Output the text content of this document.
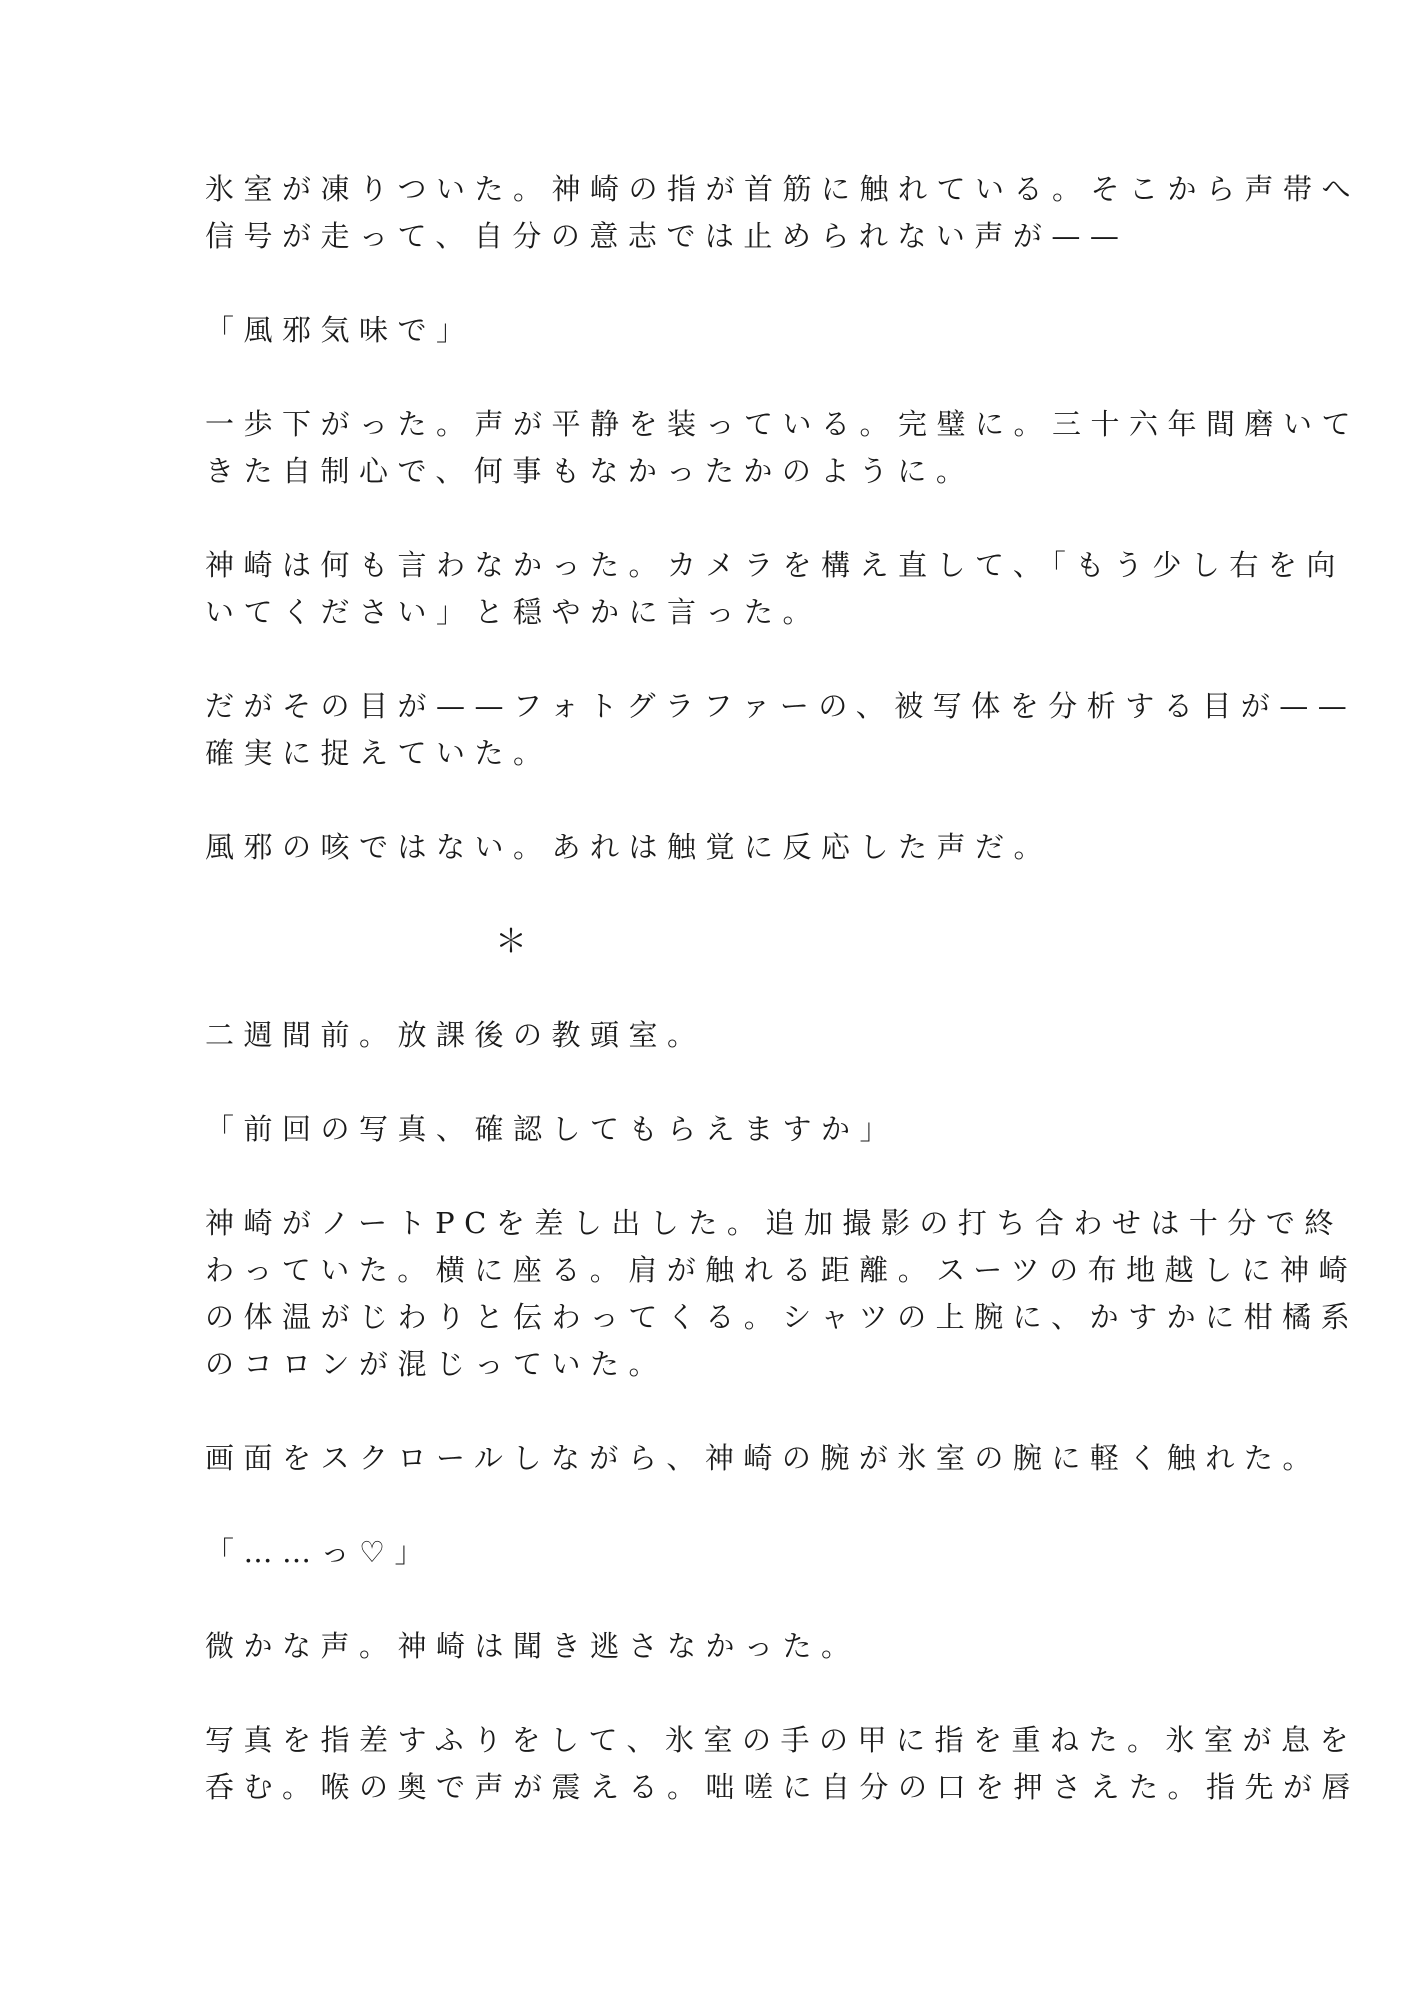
氷室が凍りついた。神崎の指が首筋に触れている。そこから声帯へ
信号が走って、自分の意志では止められない声が——

「風邪気味で」

一歩下がった。声が平静を装っている。完璧に。三十六年間磨いて
きた自制心で、何事もなかったかのように。

神崎は何も言わなかった。カメラを構え直して、「もう少し右を向
いてください」と穏やかに言った。

だがその目が——フォトグラファーの、被写体を分析する目が——
確実に捉えていた。

風邪の咳ではない。あれは触覚に反応した声だ。

＊

二週間前。放課後の教頭室。

「前回の写真、確認してもらえますか」

神崎がノートPCを差し出した。追加撮影の打ち合わせは十分で終
わっていた。横に座る。肩が触れる距離。スーツの布地越しに神崎
の体温がじわりと伝わってくる。シャツの上腕に、かすかに柑橘系
のコロンが混じっていた。

画面をスクロールしながら、神崎の腕が氷室の腕に軽く触れた。

「……っ♡」

微かな声。神崎は聞き逃さなかった。

写真を指差すふりをして、氷室の手の甲に指を重ねた。氷室が息を
呑む。喉の奥で声が震える。咄嗟に自分の口を押さえた。指先が唇
